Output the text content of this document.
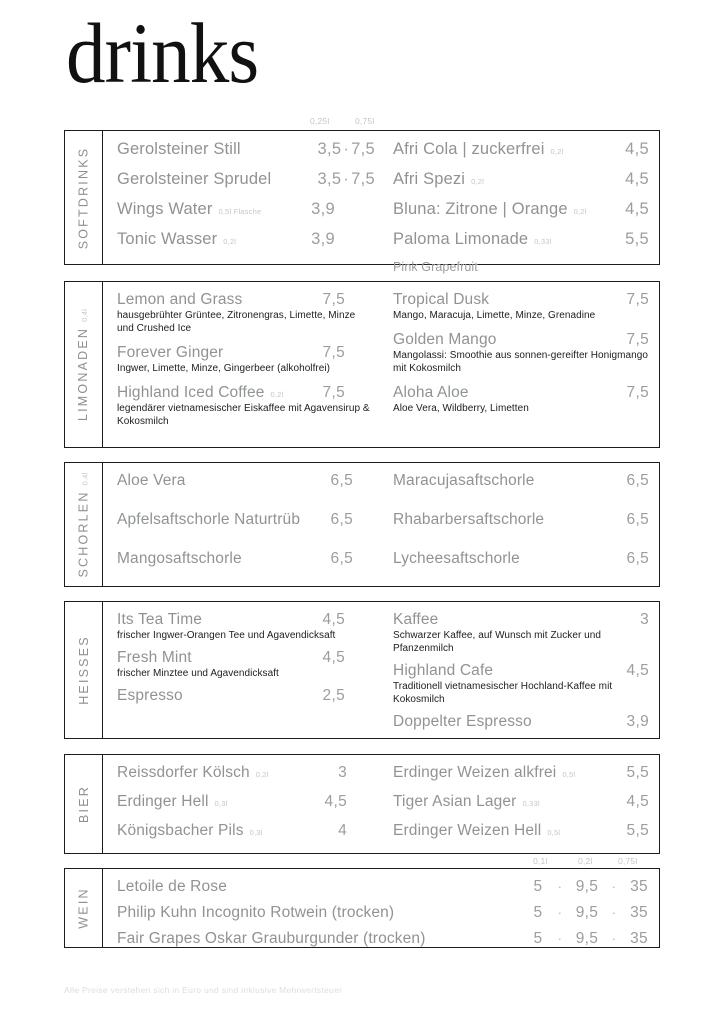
drinks
0,25l	0,75l
SOFTDRINKS Gerolsteiner Still	3,5 · 7,5
Gerolsteiner Sprudel	3,5 · 7,5
Wings Water 0,5l Flasche	3,9
Tonic Wasser 0,2l	3,9
Afri Cola | zuckerfrei 0,2l	4,5
Afri Spezi 0,2l	4,5
Bluna: Zitrone | Orange 0,2l 4,5
Paloma Limonade 0,33l	5,5
Pink Grapefruit
LIMONADEN
0,4l
Lemon and Grass	7,5
hausgebrühter Grüntee, Zitronengras, Limette, Minze und Crushed Ice
Forever Ginger	7,5
Ingwer, Limette, Minze, Gingerbeer (alkoholfrei)
Highland Iced Coffee 0,2l	7,5
legendärer vietnamesischer Eiskaffee mit Agavensirup & Kokosmilch
Tropical Dusk	7,5
Mango, Maracuja, Limette, Minze, Grenadine
Golden Mango	7,5
Mangolassi: Smoothie aus sonnen-gereifter Honigmango mit Kokosmilch
Aloha Aloe	7,5
Aloe Vera, Wildberry, Limetten
SCHORLEN
0,4l Aloe Vera	6,5
Apfelsaftschorle Naturtrüb 6,5
Mangosaftschorle	6,5
Maracujasaftschorle	6,5
Rhabarbersaftschorle	6,5
Lycheesaftschorle	6,5
HEISSES
Its Tea Time	4,5
frischer Ingwer-Orangen Tee und Agavendicksaft
Fresh Mint	4,5
frischer Minztee und Agavendicksaft
Espresso	2,5
Kaffee	3
Schwarzer Kaffee, auf Wunsch mit Zucker und Pfanzenmilch
Highland Cafe	4,5
Traditionell vietnamesischer Hochland-Kaffee mit Kokosmilch
Doppelter Espresso	3,9
BIER
Reissdorfer Kölsch 0,2l	3
Erdinger Hell 0,3l	4,5
Königsbacher Pils 0,3l	4
Erdinger Weizen alkfrei 0,5l	5,5
Tiger Asian Lager 0,33l	4,5
Erdinger Weizen Hell 0,5l	5,5
0,1l	0,2l	0,75l
WEIN
Letoile de Rose	5	· 9,5	· 35
Philip Kuhn Incognito Rotwein (trocken)	5	· 9,5	· 35
Fair Grapes Oskar Grauburgunder (trocken)	5	· 9,5	· 35
Alle Preise verstehen sich in Euro und sind inklusive Mehrwertsteuer
